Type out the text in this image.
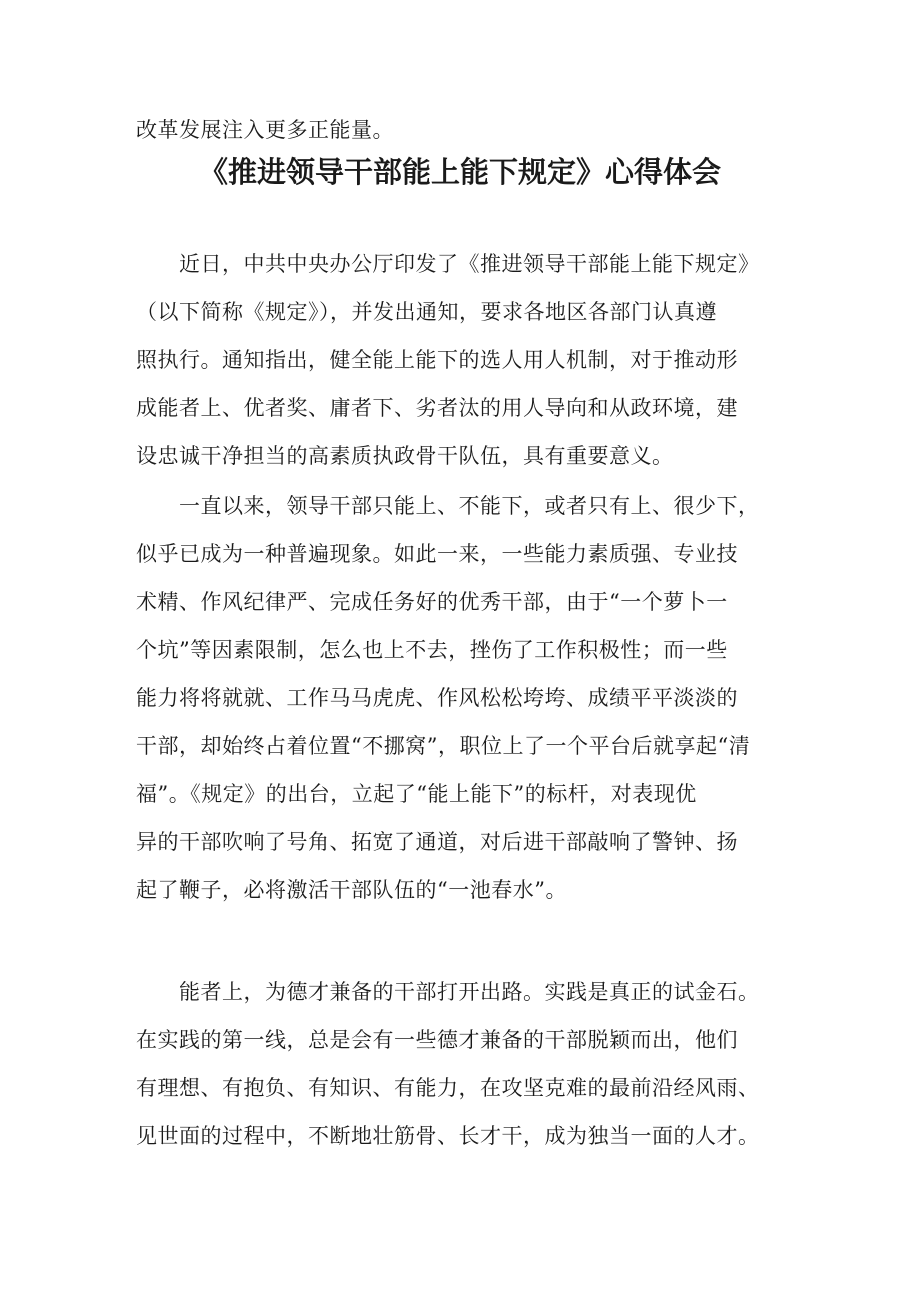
改革发展注入更多正能量。
《推进领导干部能上能下规定》心得体会
　　近日，中共中央办公厅印发了《推进领导干部能上能下规定》
（以下简称《规定》），并发出通知，要求各地区各部门认真遵
照执行。通知指出，健全能上能下的选人用人机制，对于推动形
成能者上、优者奖、庸者下、劣者汰的用人导向和从政环境，建
设忠诚干净担当的高素质执政骨干队伍，具有重要意义。
　　一直以来，领导干部只能上、不能下，或者只有上、很少下，
似乎已成为一种普遍现象。如此一来，一些能力素质强、专业技
术精、作风纪律严、完成任务好的优秀干部，由于“一个萝卜一
个坑”等因素限制，怎么也上不去，挫伤了工作积极性；而一些
能力将将就就、工作马马虎虎、作风松松垮垮、成绩平平淡淡的
干部，却始终占着位置“不挪窝”，职位上了一个平台后就享起“清
福”。《规定》的出台，立起了“能上能下”的标杆，对表现优
异的干部吹响了号角、拓宽了通道，对后进干部敲响了警钟、扬
起了鞭子，必将激活干部队伍的“一池春水”。
　　能者上，为德才兼备的干部打开出路。实践是真正的试金石。
在实践的第一线，总是会有一些德才兼备的干部脱颖而出，他们
有理想、有抱负、有知识、有能力，在攻坚克难的最前沿经风雨、
见世面的过程中，不断地壮筋骨、长才干，成为独当一面的人才。
